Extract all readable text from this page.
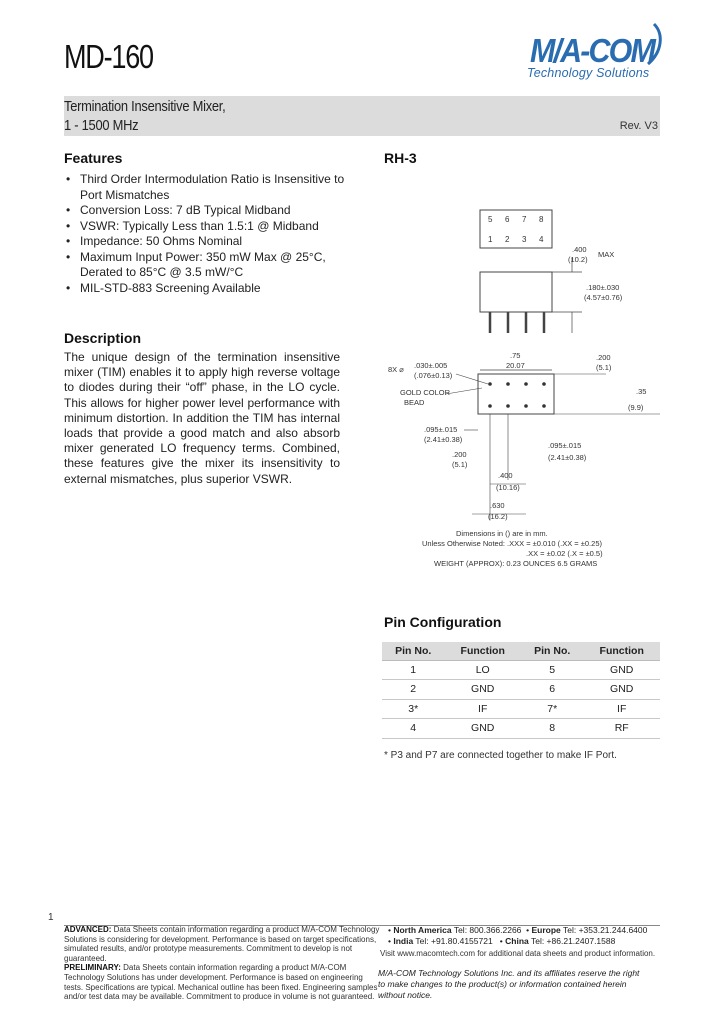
MD-160	M/A-COM
Technology Solutions
Termination Insensitive Mixer,
1 - 1500 MHz	Rev. V3
Features
• Third Order Intermodulation Ratio is Insensitive to Port Mismatches
• Conversion Loss: 7 dB Typical Midband
• VSWR: Typically Less than 1.5:1 @ Midband
• Impedance: 50 Ohms Nominal
• Maximum Input Power: 350 mW Max @ 25°C, Derated to 85°C @ 3.5 mW/°C
• MIL-STD-883 Screening Available
Description

The unique design of the termination insensitive mixer (TIM) enables it to apply high reverse voltage to diodes during their “off” phase, in the LO cycle. This allows for higher power level performance with minimum distortion. In addition the TIM has internal loads that provide a good match and also absorb mixer generated LO frequency terms. Combined, these features give the mixer its insensitivity to external mismatches, plus superior VSWR.

RH-3
5 6 7 8
1 2 3 4
.400
(10.2)
MAX
.180±.030
(4.57±0.76)
.75
20.07
8X ⌀ .030±.005
(.076±0.13)
GOLD COLOR
BEAD
.095±.015
(2.41±0.38)
.200
(5.1)
.200
(5.1)
.35
(9.9)
.095±.015
(2.41±0.38)
.400
(10.16)
.630
(16.2)
Dimensions in () are in mm.
Unless Otherwise Noted: .XXX = ±0.010 (.XX = ±0.25)
.XX = ±0.02 (.X = ±0.5)
WEIGHT (APPROX): 0.23 OUNCES 6.5 GRAMS
Pin Configuration
Pin No.	Function	Pin No.	Function
1	LO	5	GND
2	GND	6	GND
3*	IF	7*	IF
4	GND	8	RF
* P3 and P7 are connected together to make IF Port.
1
ADVANCED: Data Sheets contain information regarding a product M/A-COM Technology Solutions is considering for development. Performance is based on target specifications, simulated results, and/or prototype measurements. Commitment to develop is not guaranteed.
PRELIMINARY: Data Sheets contain information regarding a product M/A-COM Technology Solutions has under development. Performance is based on engineering tests. Specifications are typical. Mechanical outline has been fixed. Engineering samples and/or test data may be available. Commitment to produce in volume is not guaranteed.
• North America Tel: 800.366.2266  • Europe Tel: +353.21.244.6400
• India Tel: +91.80.4155721   • China Tel: +86.21.2407.1588
Visit www.macomtech.com for additional data sheets and product information.
M/A-COM Technology Solutions Inc. and its affiliates reserve the right to make changes to the product(s) or information contained herein without notice.
